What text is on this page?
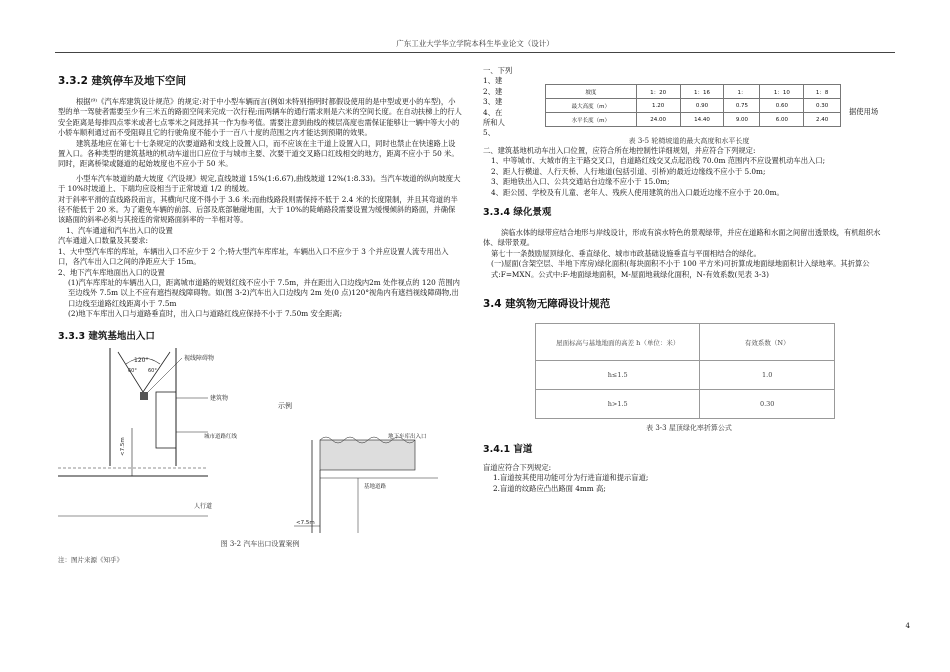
广东工业大学华立学院本科生毕业论文（设计）
3.3.2 建筑停车及地下空间

根据⁽⁹⁾《汽车库建筑设计规范》的规定:对于中小型车辆而言(例如未特别指明时都假设使用的是中型或更小的车型)，小型的单一驾驶者需要至少有三米五的路面空间来完成一次行程;而两辆车的通行需求则是六米的空间长度。在自动扶梯上的行人安全距离是每排四点零米或者七点零米之间选择其一作为参考值。需要注意到曲线的楼层高度也需保证能够让一辆中等大小的小轿车顺利通过而不受阻碍且它的行驶角度不能小于一百八十度的范围之内才能达到预期的效果。

建筑基地应在第七十七条规定的次要道路和支线上设置入口，而不应该在主干道上设置入口，同时也禁止在快速路上设置入口。各种类型的建筑基地的机动车道出口应位于与城市主要、次要干道交叉路口红线相交的地方，距离不应小于 50 米。同时，距离桥梁或隧道的起始坡度也不应小于 50 米。

小型车汽车坡道的最大坡度《汽设规》规定,直线坡道 15%(1:6.67),曲线坡道 12%(1:8.33)。当汽车坡道的纵向坡度大于 10%时坡道上、下端均应设相当于正常坡道 1/2 的缓坡。

对于斜率平滑的直线路段而言，其横向尺度不得小于 3.6 米;而曲线路段则需保持不低于 2.4 米的长度限制，并且其弯道的半径不能低于 20 米。为了避免车辆的前部、后部及底部触碰地面，大于 10%的陡峭路段需要设置为缓慢倾斜的路面，并确保该路面的斜率必须与其接连的常规路面斜率的一半相对等。

1、汽车通道和汽车出入口的设置

汽车通道入口数量及其要求:

1、大中型汽车库的库址，车辆出入口不应少于 2 个;特大型汽车库库址，车辆出入口不应少于 3 个并应设置人流专用出入口，各汽车出入口之间的净距应大于 15m。

2、地下汽车库地面出入口的设置

(1)汽车库库址的车辆出入口，距离城市道路的规划红线不应小于 7.5m，并在距出入口边线内2m 处作视点的 120 范围内至边线外 7.5m 以上不应有遮挡视线障碍物。如(图 3-2)汽车出入口边线内 2m 处(0 点)120°视角内有遮挡视线障碍物,出口边线至道路红线距离小于 7.5m

(2)地下车库出入口与道路垂直时，出入口与道路红线应保持不小于 7.50m 安全距离;

3.3.3 建筑基地出入口
120°
60° 60°
视线障碍物
建筑物
<7.5m
城市道路红线
人行道
示例
地下车库出入口
基地道路
<7.5m
图 3-2 汽车出口设置案例
注：图片来源《知乎》

一、下列

1、建

2、建

3、建

4、在

所和人

5、

据使用场

坡度	1：20	1：16	1：	1：10	1：8
最大高度（m）	1.20	0.90	0.75	0.60	0.30
水平长度（m）	24.00	14.40	9.00	6.00	2.40
表 3-5 轮椅坡道的最大高度和水平长度

二、建筑基地机动车出入口位置，应符合所在地控制性详细规划，并应符合下列规定:

1、中等城市、大城市的主干路交叉口，自道路红线交叉点起沿线 70.0m 范围内不应设置机动车出入口;

2、距人行横道、人行天桥、人行地道(包括引道、引桥)的最近边缘线不应小于 5.0m;

3、距地铁出入口、公共交通站台边缘不应小于 15.0m;

4、距公园、学校及有儿童、老年人、残疾人使用建筑的出入口最近边缘不应小于 20.0m。

3.3.4 绿化景观

滨临水体的绿带应结合地形与岸线设计，形成有滨水特色的景观绿带，并应在道路和水面之间留出透景线，有机组织水体、绿带景观。

第七十一条鼓励屋顶绿化、垂直绿化、城市市政基础设施垂直与平面相结合的绿化。

(一)屋面(含架空层、半地下库房)绿化面积(每块面积不小于 100 平方米)可折算成地面绿地面积计入绿地率。其折算公式:F=MXN。公式中:F-地面绿地面积，M-屋面地栽绿化面积，N-有效系数(见表 3-3)

3.4 建筑物无障碍设计规范
屋面标高与基地地面的高差 h（单位：米）	有效系数（N）
h≤1.5	1.0
h>1.5	0.30
表 3-3 屋顶绿化率折算公式
3.4.1 盲道

盲道应符合下列规定:

1.盲道按其使用功能可分为行进盲道和提示盲道;

2.盲道的纹路应凸出路面 4mm 高;

4
